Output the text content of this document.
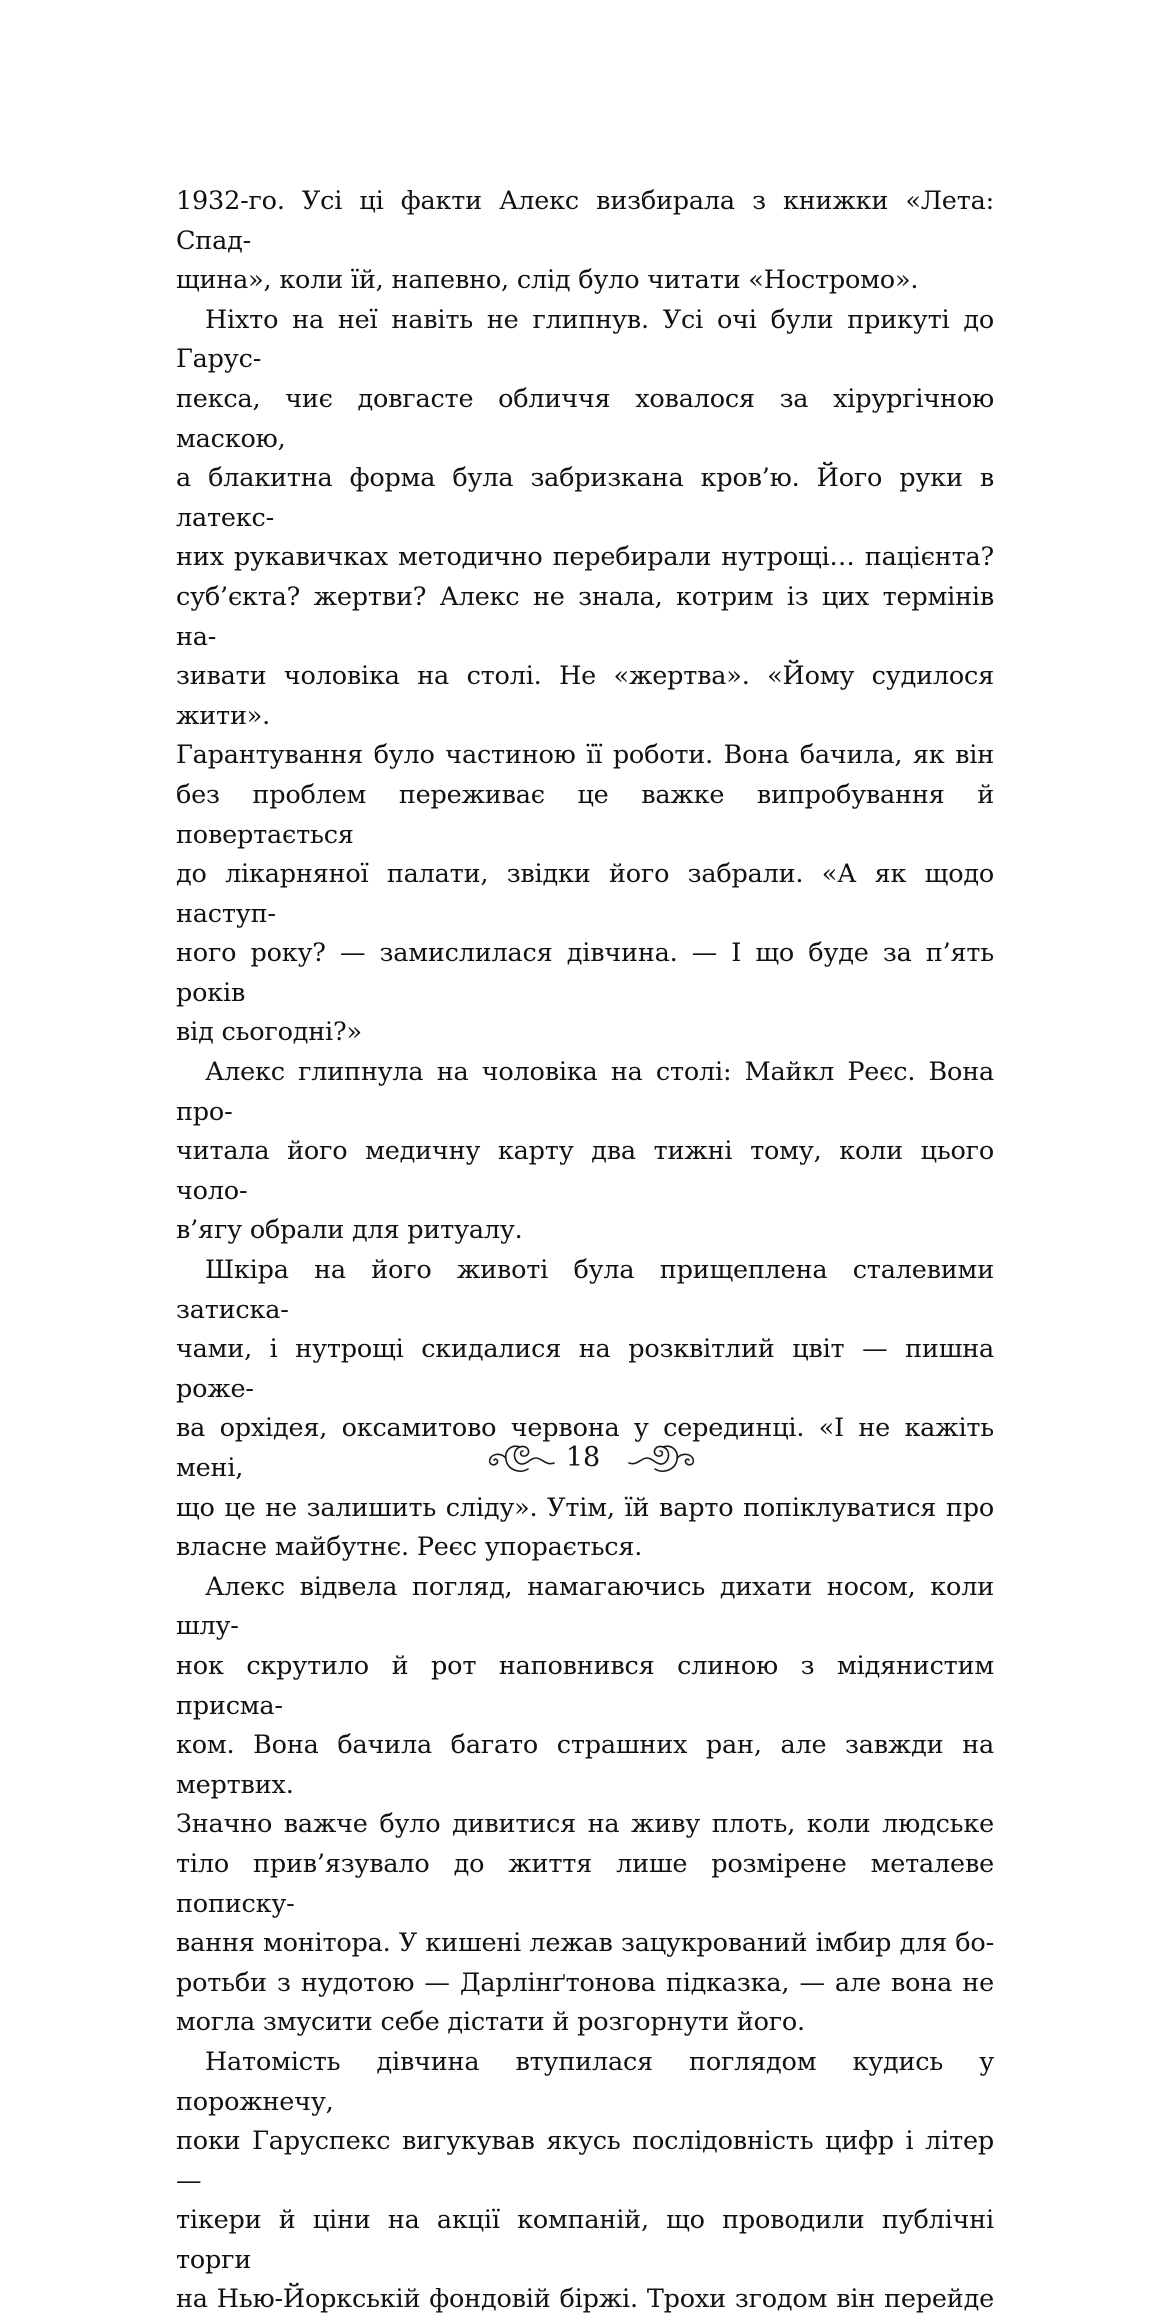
1932-го. Усі ці факти Алекс визбирала з книжки «Лета: Спад-

щина», коли їй, напевно, слід було читати «Ностромо».

Ніхто на неї навіть не глипнув. Усі очі були прикуті до Гарус-

пекса, чиє довгасте обличчя ховалося за хірургічною маскою,

а блакитна форма була забризкана кров’ю. Його руки в латекс-

них рукавичках методично перебирали нутрощі… пацієнта?

суб’єкта? жертви? Алекс не знала, котрим із цих термінів на-

зивати чоловіка на столі. Не «жертва». «Йому судилося жити».

Гарантування було частиною її роботи. Вона бачила, як він

без проблем переживає це важке випробування й повертається

до лікарняної палати, звідки його забрали. «А як щодо наступ-

ного року? — замислилася дівчина. — І що буде за п’ять років

від сьогодні?»

Алекс глипнула на чоловіка на столі: Майкл Реєс. Вона про-

читала його медичну карту два тижні тому, коли цього чоло-

в’ягу обрали для ритуалу.

Шкіра на його животі була прищеплена сталевими затиска-

чами, і нутрощі скидалися на розквітлий цвіт — пишна роже-

ва орхідея, оксамитово червона у серединці. «І не кажіть мені,

що це не залишить сліду». Утім, їй варто попіклуватися про

власне майбутнє. Реєс упорається.

Алекс відвела погляд, намагаючись дихати носом, коли шлу-

нок скрутило й рот наповнився слиною з мідянистим присма-

ком. Вона бачила багато страшних ран, але завжди на мертвих.

Значно важче було дивитися на живу плоть, коли людське

тіло прив’язувало до життя лише розмірене металеве пописку-

вання монітора. У кишені лежав зацукрований імбир для бо-

ротьби з нудотою — Дарлінґтонова підказка, — але вона не

могла змусити себе дістати й розгорнути його.

Натомість дівчина втупилася поглядом кудись у порожнечу,

поки Гаруспекс вигукував якусь послідовність цифр і літер —

тікери й ціни на акції компаній, що проводили публічні торги

на Нью-Йоркській фондовій біржі. Трохи згодом він перейде

18
